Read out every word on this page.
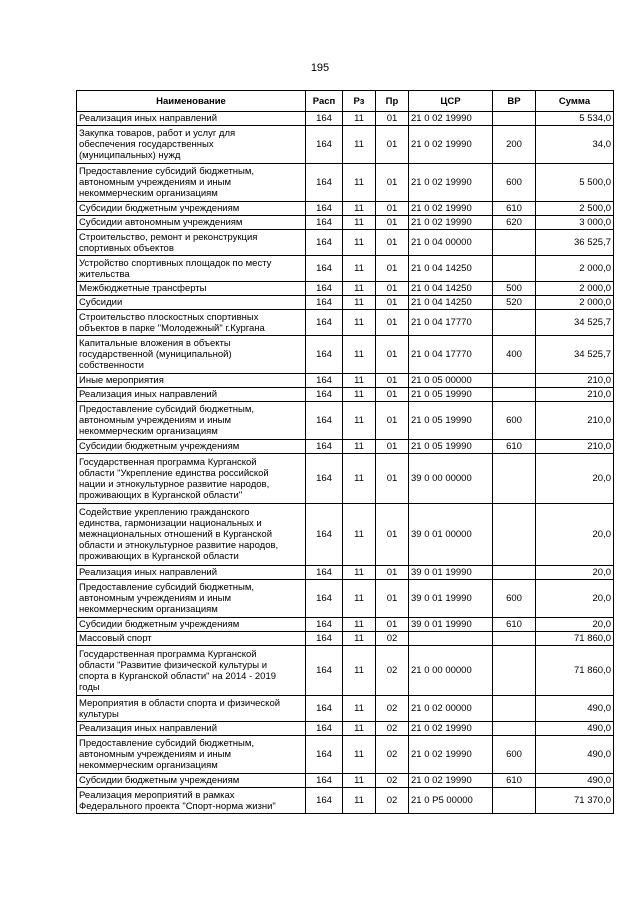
195
Наименование	Расп	Рз	Пр	ЦСР	ВР	Сумма
Реализация иных направлений	164	11	01	21 0 02 19990		5 534,0
Закупка товаров, работ и услуг для
обеспечения государственных
(муниципальных) нужд	164	11	01	21 0 02 19990	200	34,0
Предоставление субсидий бюджетным,
автономным учреждениям и иным
некоммерческим организациям	164	11	01	21 0 02 19990	600	5 500,0
Субсидии бюджетным учреждениям	164	11	01	21 0 02 19990	610	2 500,0
Субсидии автономным учреждениям	164	11	01	21 0 02 19990	620	3 000,0
Строительство, ремонт и реконструкция
спортивных объектов	164	11	01	21 0 04 00000		36 525,7
Устройство спортивных площадок по месту
жительства	164	11	01	21 0 04 14250		2 000,0
Межбюджетные трансферты	164	11	01	21 0 04 14250	500	2 000,0
Субсидии	164	11	01	21 0 04 14250	520	2 000,0
Строительство плоскостных спортивных
объектов в парке "Молодежный" г.Кургана	164	11	01	21 0 04 17770		34 525,7
Капитальные вложения в объекты
государственной (муниципальной)
собственности	164	11	01	21 0 04 17770	400	34 525,7
Иные мероприятия	164	11	01	21 0 05 00000		210,0
Реализация иных направлений	164	11	01	21 0 05 19990		210,0
Предоставление субсидий бюджетным,
автономным учреждениям и иным
некоммерческим организациям	164	11	01	21 0 05 19990	600	210,0
Субсидии бюджетным учреждениям	164	11	01	21 0 05 19990	610	210,0
Государственная программа Курганской
области "Укрепление единства российской
нации и этнокультурное развитие народов,
проживающих в Курганской области"	164	11	01	39 0 00 00000		20,0
Содействие укреплению гражданского
единства, гармонизации национальных и
межнациональных отношений в Курганской
области и этнокультурное развитие народов,
проживающих в Курганской области	164	11	01	39 0 01 00000		20,0
Реализация иных направлений	164	11	01	39 0 01 19990		20,0
Предоставление субсидий бюджетным,
автономным учреждениям и иным
некоммерческим организациям	164	11	01	39 0 01 19990	600	20,0
Субсидии бюджетным учреждениям	164	11	01	39 0 01 19990	610	20,0
Массовый спорт	164	11	02			71 860,0
Государственная программа Курганской
области "Развитие физической культуры и
спорта в Курганской области" на 2014 - 2019
годы	164	11	02	21 0 00 00000		71 860,0
Мероприятия в области спорта и физической
культуры	164	11	02	21 0 02 00000		490,0
Реализация иных направлений	164	11	02	21 0 02 19990		490,0
Предоставление субсидий бюджетным,
автономным учреждениям и иным
некоммерческим организациям	164	11	02	21 0 02 19990	600	490,0
Субсидии бюджетным учреждениям	164	11	02	21 0 02 19990	610	490,0
Реализация мероприятий в рамках
Федерального проекта "Спорт-норма жизни"	164	11	02	21 0 P5 00000		71 370,0
